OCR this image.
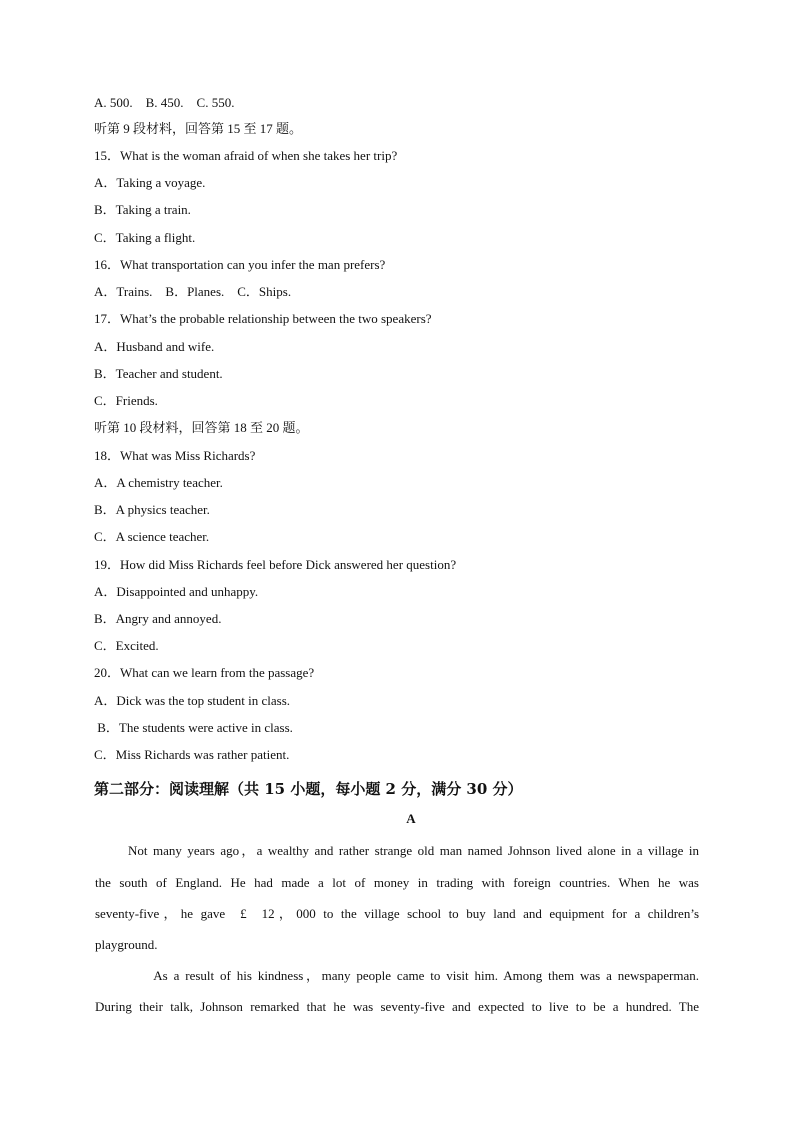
A. 500.    B. 450.    C. 550.
听第 9 段材料，回答第 15 至 17 题。
15．What is the woman afraid of when she takes her trip?
A．Taking a voyage.
B．Taking a train.
C．Taking a flight.
16．What transportation can you infer the man prefers?
A．Trains.    B．Planes.    C．Ships.
17．What’s the probable relationship between the two speakers?
A．Husband and wife.
B．Teacher and student.
C．Friends.
听第 10 段材料，回答第 18 至 20 题。
18．What was Miss Richards?
A．A chemistry teacher.
B．A physics teacher.
C．A science teacher.
19．How did Miss Richards feel before Dick answered her question?
A．Disappointed and unhappy.
B．Angry and annoyed.
C．Excited.
20．What can we learn from the passage?
A．Dick was the top student in class.
B．The students were active in class.
C．Miss Richards was rather patient.
第二部分：阅读理解（共 15 小题，每小题 2 分，满分 30 分）
A
Not many years ago，a wealthy and rather strange old man named Johnson lived alone in a village in
the south of England. He had made a lot of money in trading with foreign countries. When he was
seventy-five，he gave  £  12，000 to the village school to buy land and equipment for a children’s
playground.
As a result of his kindness，many people came to visit him. Among them was a newspaperman.
During their talk, Johnson remarked that he was seventy-five and expected to live to be a hundred. The
